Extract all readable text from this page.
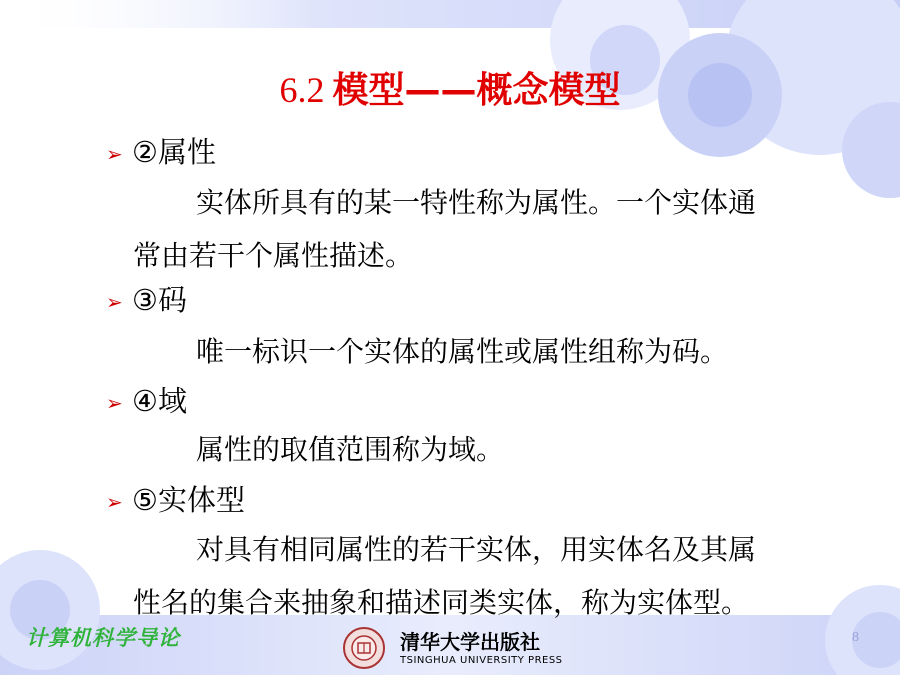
6.2 模型——概念模型
➢ ②属性
实体所具有的某一特性称为属性。一个实体通
常由若干个属性描述。
➢ ③码
唯一标识一个实体的属性或属性组称为码。
➢ ④域
属性的取值范围称为域。
➢ ⑤实体型
对具有相同属性的若干实体，用实体名及其属
性名的集合来抽象和描述同类实体，称为实体型。
计算机科学导论	清华大学出版社
TSINGHUA UNIVERSITY PRESS
8
